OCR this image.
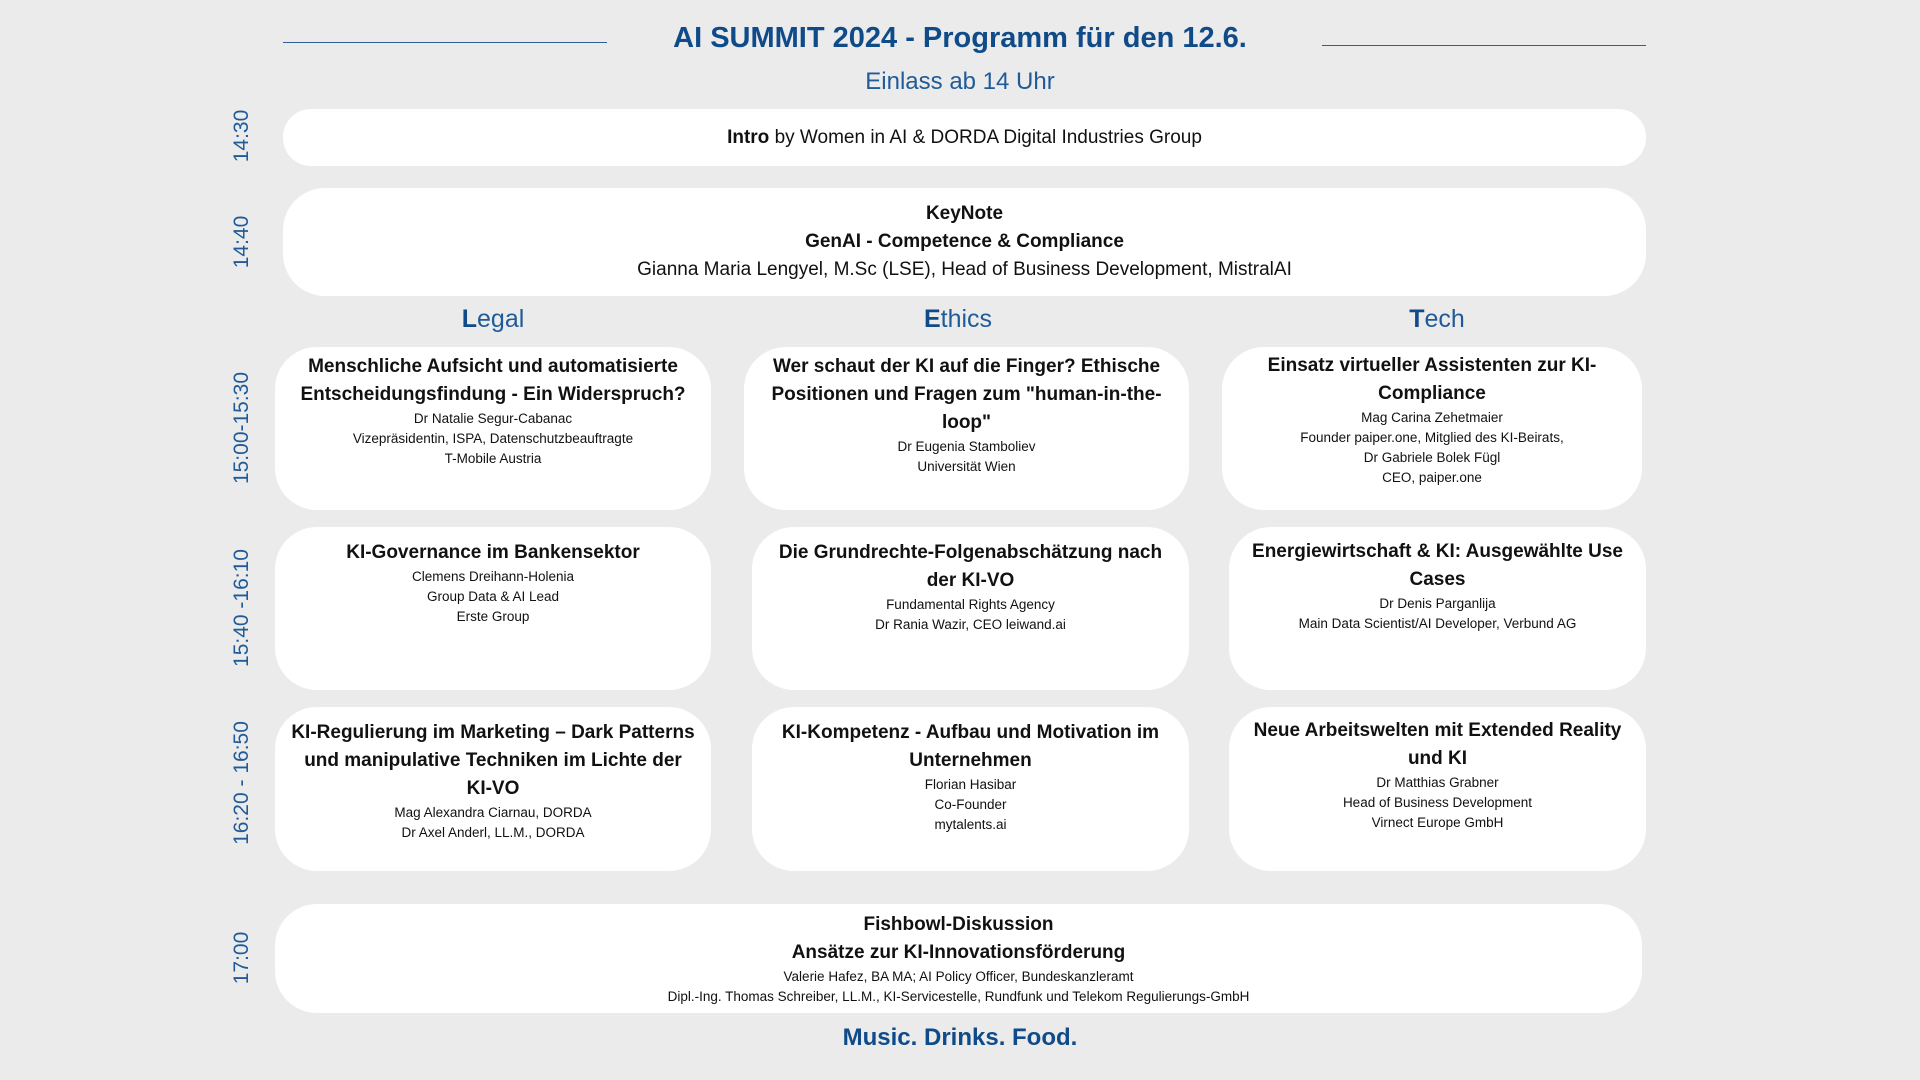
AI SUMMIT 2024 - Programm für den 12.6.
Einlass ab 14 Uhr
14:30
14:40
15:00-15:30
15:40 -16:10
16:20 - 16:50
17:00
Intro by Women in AI & DORDA Digital Industries Group
KeyNote
GenAI - Competence & Compliance
Gianna Maria Lengyel, M.Sc (LSE), Head of Business Development, MistralAI
Legal	Ethics	Tech
Menschliche Aufsicht und automatisierte
Entscheidungsfindung - Ein Widerspruch?
Dr Natalie Segur-Cabanac
Vizepräsidentin, ISPA, Datenschutzbeauftragte
T-Mobile Austria
Wer schaut der KI auf die Finger? Ethische
Positionen und Fragen zum "human-in-the-
loop"
Dr Eugenia Stamboliev
Universität Wien
Einsatz virtueller Assistenten zur KI-
Compliance
Mag Carina Zehetmaier
Founder paiper.one, Mitglied des KI-Beirats,
Dr Gabriele Bolek Fügl
CEO, paiper.one
KI-Governance im Bankensektor
Clemens Dreihann-Holenia
Group Data & AI Lead
Erste Group
Die Grundrechte-Folgenabschätzung nach
der KI-VO
Fundamental Rights Agency
Dr Rania Wazir, CEO leiwand.ai
Energiewirtschaft & KI: Ausgewählte Use
Cases
Dr Denis Parganlija
Main Data Scientist/AI Developer, Verbund AG
KI-Regulierung im Marketing – Dark Patterns
und manipulative Techniken im Lichte der
KI-VO
Mag Alexandra Ciarnau, DORDA
Dr Axel Anderl, LL.M., DORDA
KI-Kompetenz - Aufbau und Motivation im
Unternehmen
Florian Hasibar
Co-Founder
mytalents.ai
Neue Arbeitswelten mit Extended Reality
und KI
Dr Matthias Grabner
Head of Business Development
Virnect Europe GmbH
Fishbowl-Diskussion
Ansätze zur KI-Innovationsförderung
Valerie Hafez, BA MA; AI Policy Officer, Bundeskanzleramt
Dipl.-Ing. Thomas Schreiber, LL.M., KI-Servicestelle, Rundfunk und Telekom Regulierungs-GmbH
Music. Drinks. Food.
